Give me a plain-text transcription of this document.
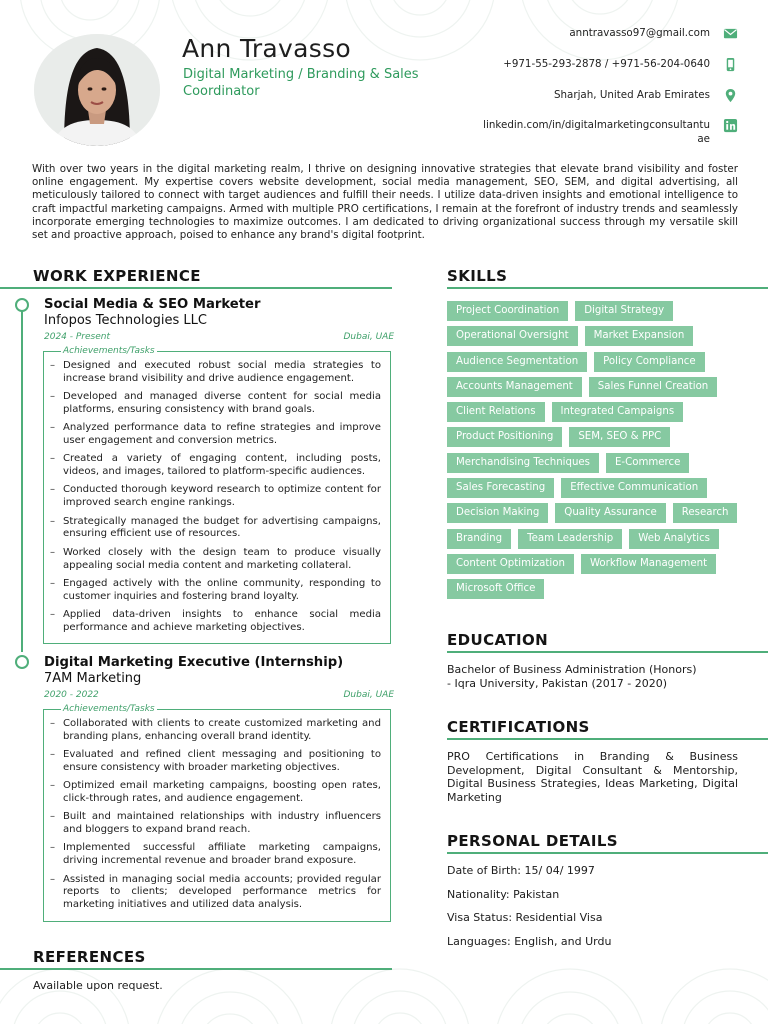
Ann Travasso
Digital Marketing / Branding & Sales
Coordinator
anntravasso97@gmail.com
+971-55-293-2878 / +971-56-204-0640
Sharjah, United Arab Emirates
linkedin.com/in/digitalmarketingconsultantuae

With over two years in the digital marketing realm, I thrive on designing innovative strategies that elevate brand visibility and foster online engagement. My expertise covers website development, social media management, SEO, SEM, and digital advertising, all meticulously tailored to connect with target audiences and fulfill their needs. I utilize data-driven insights and emotional intelligence to craft impactful marketing campaigns. Armed with multiple PRO certifications, I remain at the forefront of industry trends and seamlessly incorporate emerging technologies to maximize outcomes. I am dedicated to driving organizational success through my versatile skill set and proactive approach, poised to enhance any brand's digital footprint.

WORK EXPERIENCE
Social Media & SEO Marketer
Infopos Technologies LLC
2024 - Present	Dubai, UAE
Achievements/Tasks
– Designed and executed robust social media strategies to increase brand visibility and drive audience engagement.
– Developed and managed diverse content for social media platforms, ensuring consistency with brand goals.
– Analyzed performance data to refine strategies and improve user engagement and conversion metrics.
– Created a variety of engaging content, including posts, videos, and images, tailored to platform-specific audiences.
– Conducted thorough keyword research to optimize content for improved search engine rankings.
– Strategically managed the budget for advertising campaigns, ensuring efficient use of resources.
– Worked closely with the design team to produce visually appealing social media content and marketing collateral.
– Engaged actively with the online community, responding to customer inquiries and fostering brand loyalty.
– Applied data-driven insights to enhance social media performance and achieve marketing objectives.
Digital Marketing Executive (Internship)
7AM Marketing
2020 - 2022	Dubai, UAE
Achievements/Tasks
– Collaborated with clients to create customized marketing and branding plans, enhancing overall brand identity.
– Evaluated and refined client messaging and positioning to ensure consistency with broader marketing objectives.
– Optimized email marketing campaigns, boosting open rates, click-through rates, and audience engagement.
– Built and maintained relationships with industry influencers and bloggers to expand brand reach.
– Implemented successful affiliate marketing campaigns, driving incremental revenue and broader brand exposure.
– Assisted in managing social media accounts; provided regular reports to clients; developed performance metrics for marketing initiatives and utilized data analysis.
REFERENCES
Available upon request.
SKILLS
Project Coordination	Digital Strategy
Operational Oversight	Market Expansion
Audience Segmentation	Policy Compliance
Accounts Management	Sales Funnel Creation
Client Relations	Integrated Campaigns
Product Positioning	SEM, SEO & PPC
Merchandising Techniques	E-Commerce
Sales Forecasting	Effective Communication
Decision Making	Quality Assurance	Research
Branding	Team Leadership	Web Analytics
Content Optimization	Workflow Management
Microsoft Office
EDUCATION
Bachelor of Business Administration (Honors)
- Iqra University, Pakistan (2017 - 2020)
CERTIFICATIONS

PRO Certifications in Branding & Business Development, Digital Consultant & Mentorship, Digital Business Strategies, Ideas Marketing, Digital Marketing

PERSONAL DETAILS
Date of Birth: 15/ 04/ 1997
Nationality: Pakistan
Visa Status: Residential Visa
Languages: English, and Urdu
